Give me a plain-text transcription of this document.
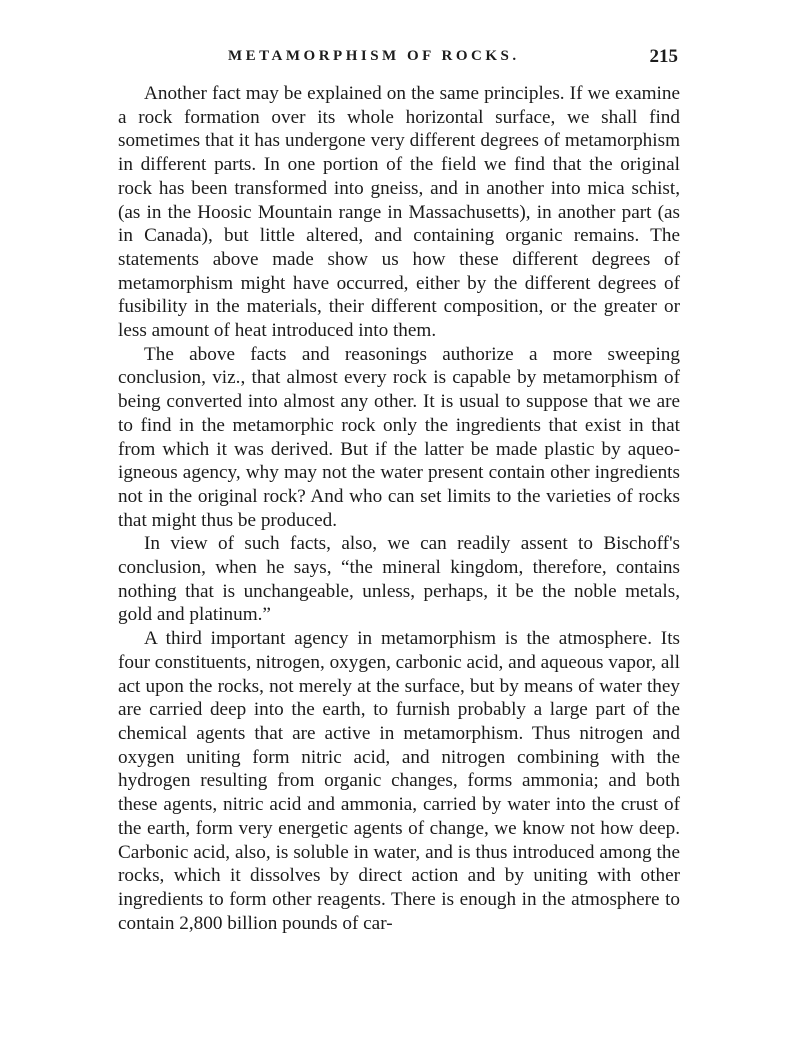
METAMORPHISM OF ROCKS.	215

Another fact may be explained on the same principles. If we examine a rock formation over its whole horizontal surface, we shall find sometimes that it has undergone very different degrees of metamorphism in different parts. In one portion of the field we find that the original rock has been transformed into gneiss, and in another into mica schist, (as in the Hoosic Mountain range in Massachusetts), in another part (as in Canada), but little altered, and containing organic remains. The statements above made show us how these different degrees of metamorphism might have occurred, either by the different degrees of fusibility in the materials, their different composition, or the greater or less amount of heat introduced into them.

The above facts and reasonings authorize a more sweeping conclusion, viz., that almost every rock is capable by metamorphism of being converted into almost any other. It is usual to suppose that we are to find in the metamorphic rock only the ingredients that exist in that from which it was derived. But if the latter be made plastic by aqueo-igneous agency, why may not the water present contain other ingredients not in the original rock? And who can set limits to the varieties of rocks that might thus be produced.

In view of such facts, also, we can readily assent to Bischoff's conclusion, when he says, “the mineral kingdom, therefore, contains nothing that is unchangeable, unless, perhaps, it be the noble metals, gold and platinum.”

A third important agency in metamorphism is the atmosphere. Its four constituents, nitrogen, oxygen, carbonic acid, and aqueous vapor, all act upon the rocks, not merely at the surface, but by means of water they are carried deep into the earth, to furnish probably a large part of the chemical agents that are active in metamorphism. Thus nitrogen and oxygen uniting form nitric acid, and nitrogen combining with the hydrogen resulting from organic changes, forms ammonia; and both these agents, nitric acid and ammonia, carried by water into the crust of the earth, form very energetic agents of change, we know not how deep. Carbonic acid, also, is soluble in water, and is thus introduced among the rocks, which it dissolves by direct action and by uniting with other ingredients to form other reagents. There is enough in the atmosphere to contain 2,800 billion pounds of car-
